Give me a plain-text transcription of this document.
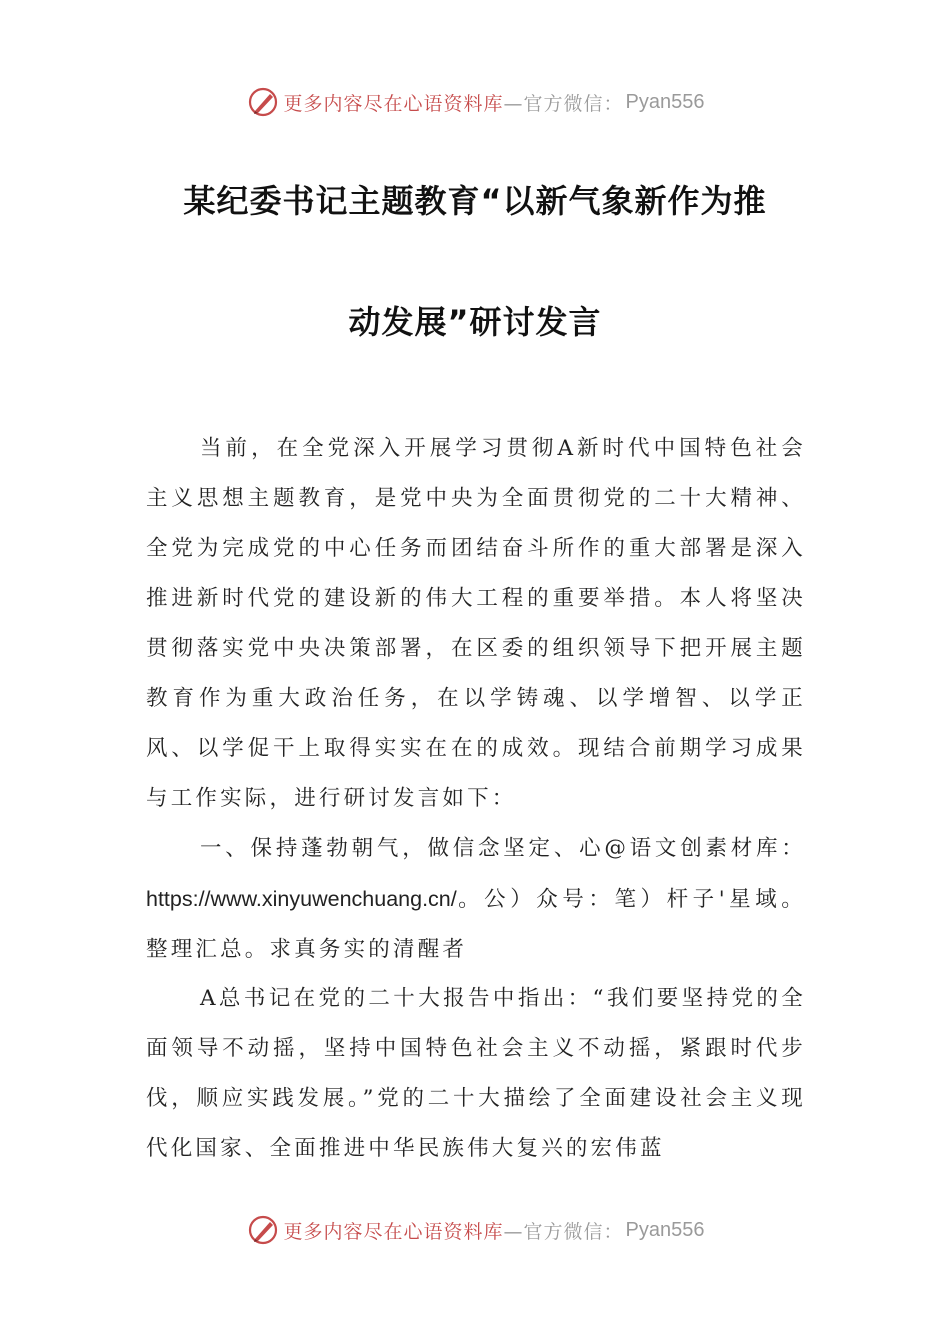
更多内容尽在心语资料库 —官方微信： Pyan556
某纪委书记主题教育“以新气象新作为推
动发展”研讨发言

当前，在全党深入开展学习贯彻A新时代中国特色社会主义思想主题教育，是党中央为全面贯彻党的二十大精神、全党为完成党的中心任务而团结奋斗所作的重大部署是深入推进新时代党的建设新的伟大工程的重要举措。本人将坚决贯彻落实党中央决策部署，在区委的组织领导下把开展主题教育作为重大政治任务，在以学铸魂、以学增智、以学正风、以学促干上取得实实在在的成效。现结合前期学习成果与工作实际，进行研讨发言如下：

一、保持蓬勃朝气，做信念坚定、心@语文创素材库：https://www.xinyuwenchuang.cn/。公）众号：笔）杆子'星域。整理汇总。求真务实的清醒者

A总书记在党的二十大报告中指出：“我们要坚持党的全面领导不动摇，坚持中国特色社会主义不动摇，紧跟时代步伐，顺应实践发展。”党的二十大描绘了全面建设社会主义现代化国家、全面推进中华民族伟大复兴的宏伟蓝

更多内容尽在心语资料库 —官方微信： Pyan556
